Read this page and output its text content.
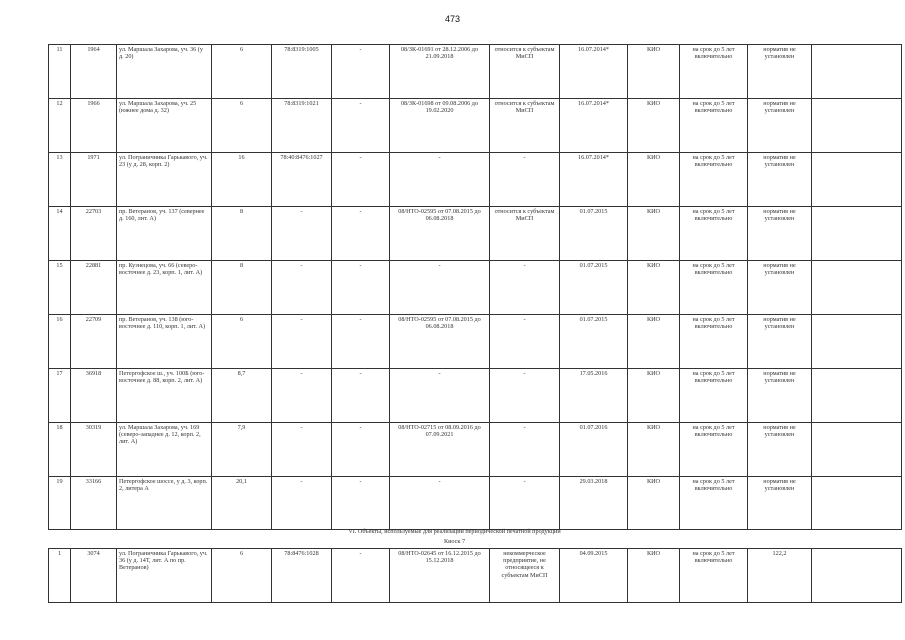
473
11	1964	ул. Маршала Захарова, уч. 36 (у д. 20)	6	78:8319:1005	-	08/ЗК-01691 от 28.12.2006 до 21.09.2018	относится к субъектам МиСП	16.07.2014*	КИО	на срок до 5 лет включительно	норматив не установлен	
12	1966	ул. Маршала Захарова, уч. 25 (южнее дома д. 32)	6	78:8319:1021	-	08/ЗК-01698 от 09.08.2006 до 19.02.2020	относится к субъектам МиСП	16.07.2014*	КИО	на срок до 5 лет включительно	норматив не установлен	
13	1971	ул. Пограничника Гарькавого, уч. 23 (у д. 28, корп. 2)	16	78:40:8476:1027	-	-	-	16.07.2014*	КИО	на срок до 5 лет включительно	норматив не установлен	
14	22703	пр. Ветеранов, уч. 137 (севернее д. 160, лит. А)	8	-	-	08/НТО-02595 от 07.08.2015 до 06.08.2018	относится к субъектам МиСП	01.07.2015	КИО	на срок до 5 лет включительно	норматив не установлен	
15	22881	пр. Кузнецова, уч. 66 (северо-восточнее д. 23, корп. 1, лит. А)	8	-	-	-	-	01.07.2015	КИО	на срок до 5 лет включительно	норматив не установлен	
16	22709	пр. Ветеранов, уч. 138 (юго-восточнее д. 110, корп. 1, лит. А)	6	-	-	08/НТО-02595 от 07.08.2015 до 06.08.2018	-	01.07.2015	КИО	на срок до 5 лет включительно	норматив не установлен	
17	36918	Петергофское ш., уч. 100Б (юго-восточнее д. 88, корп. 2, лит. А)	8,7	-	-	-	-	17.05.2016	КИО	на срок до 5 лет включительно	норматив не установлен	
18	30319	ул. Маршала Захарова, уч. 169 (северо-западнее д. 12, корп. 2, лит. А)	7,9	-	-	08/НТО-02715 от 08.09.2016 до 07.09.2021	-	01.07.2016	КИО	на срок до 5 лет включительно	норматив не установлен	
19	33166	Петергофское шоссе, у д. 3, корп. 2, литера А	20,1	-	-	-	-	29.03.2018	КИО	на срок до 5 лет включительно	норматив не установлен	
VI. Объекты, используемые для реализации периодической печатной продукции
Киоск 7
1	3074	ул. Пограничника Гарькавого, уч. 36 (у д. 14Т, лит. А по пр. Ветеранов)	6	78:8476:1028	-	08/НТО-02645 от 16.12.2015 до 15.12.2018	некоммерческое предприятие, не относящееся к субъектам МиСП	04.09.2015	КИО	на срок до 5 лет включительно	122,2	
